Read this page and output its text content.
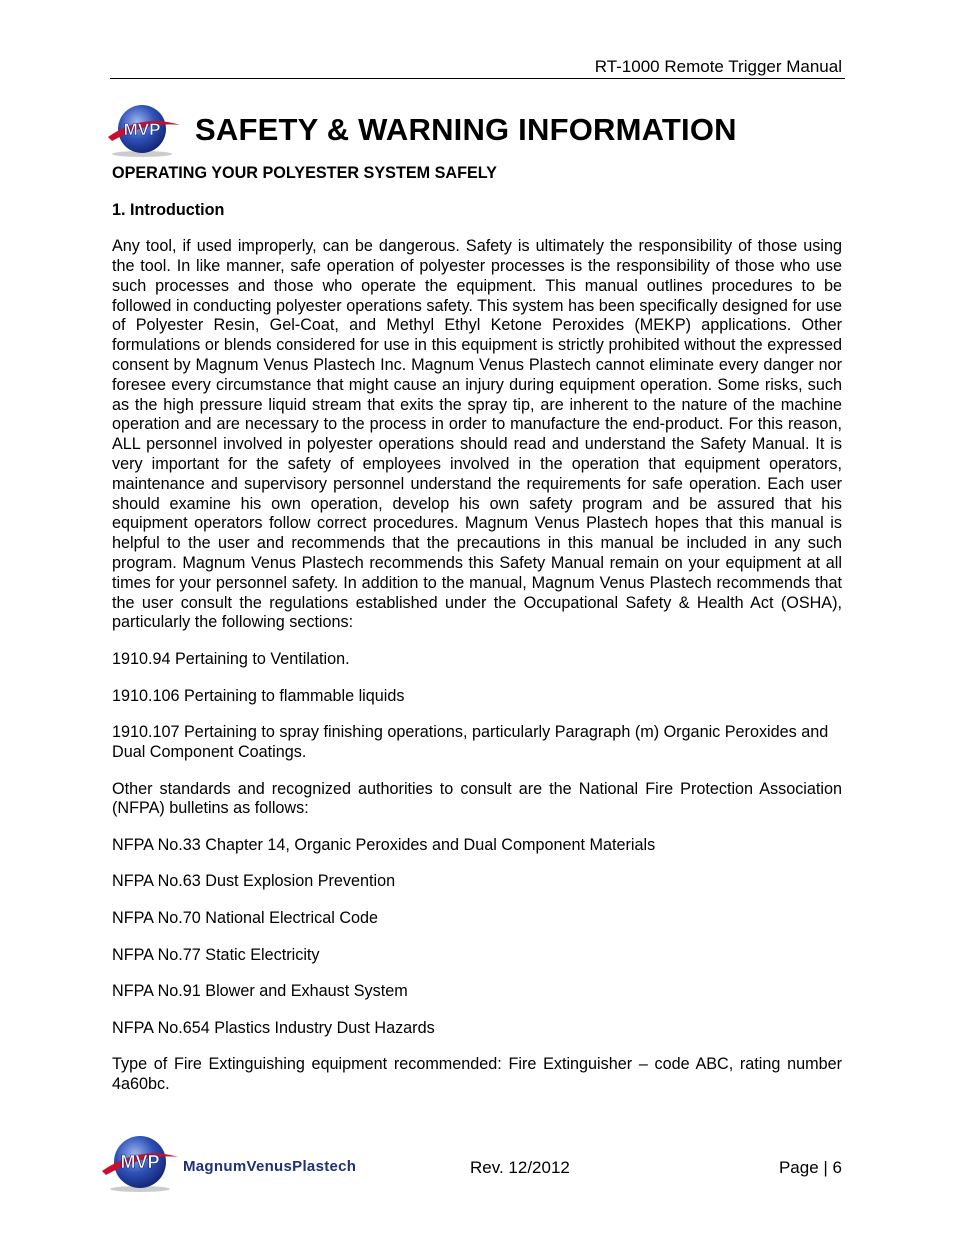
RT-1000 Remote Trigger Manual
MVP SAFETY & WARNING INFORMATION

OPERATING YOUR POLYESTER SYSTEM SAFELY

1. Introduction

Any tool, if used improperly, can be dangerous. Safety is ultimately the responsibility of those using the tool. In like manner, safe operation of polyester processes is the responsibility of those who use such processes and those who operate the equipment. This manual outlines procedures to be followed in conducting polyester operations safety. This system has been specifically designed for use of Polyester Resin, Gel-Coat, and Methyl Ethyl Ketone Peroxides (MEKP) applications. Other formulations or blends considered for use in this equipment is strictly prohibited without the expressed consent by Magnum Venus Plastech Inc. Magnum Venus Plastech cannot eliminate every danger nor foresee every circumstance that might cause an injury during equipment operation. Some risks, such as the high pressure liquid stream that exits the spray tip, are inherent to the nature of the machine operation and are necessary to the process in order to manufacture the end-product. For this reason, ALL personnel involved in polyester operations should read and understand the Safety Manual. It is very important for the safety of employees involved in the operation that equipment operators, maintenance and supervisory personnel understand the requirements for safe operation. Each user should examine his own operation, develop his own safety program and be assured that his equipment operators follow correct procedures. Magnum Venus Plastech hopes that this manual is helpful to the user and recommends that the precautions in this manual be included in any such program. Magnum Venus Plastech recommends this Safety Manual remain on your equipment at all times for your personnel safety. In addition to the manual, Magnum Venus Plastech recommends that the user consult the regulations established under the Occupational Safety & Health Act (OSHA), particularly the following sections:

1910.94 Pertaining to Ventilation.

1910.106 Pertaining to flammable liquids

1910.107 Pertaining to spray finishing operations, particularly Paragraph (m) Organic Peroxides and Dual Component Coatings.

Other standards and recognized authorities to consult are the National Fire Protection Association (NFPA) bulletins as follows:

NFPA No.33 Chapter 14, Organic Peroxides and Dual Component Materials

NFPA No.63 Dust Explosion Prevention

NFPA No.70 National Electrical Code

NFPA No.77 Static Electricity

NFPA No.91 Blower and Exhaust System

NFPA No.654 Plastics Industry Dust Hazards

Type of Fire Extinguishing equipment recommended: Fire Extinguisher – code ABC, rating number 4a60bc.

MVP MagnumVenusPlastech	Rev. 12/2012	Page | 6
